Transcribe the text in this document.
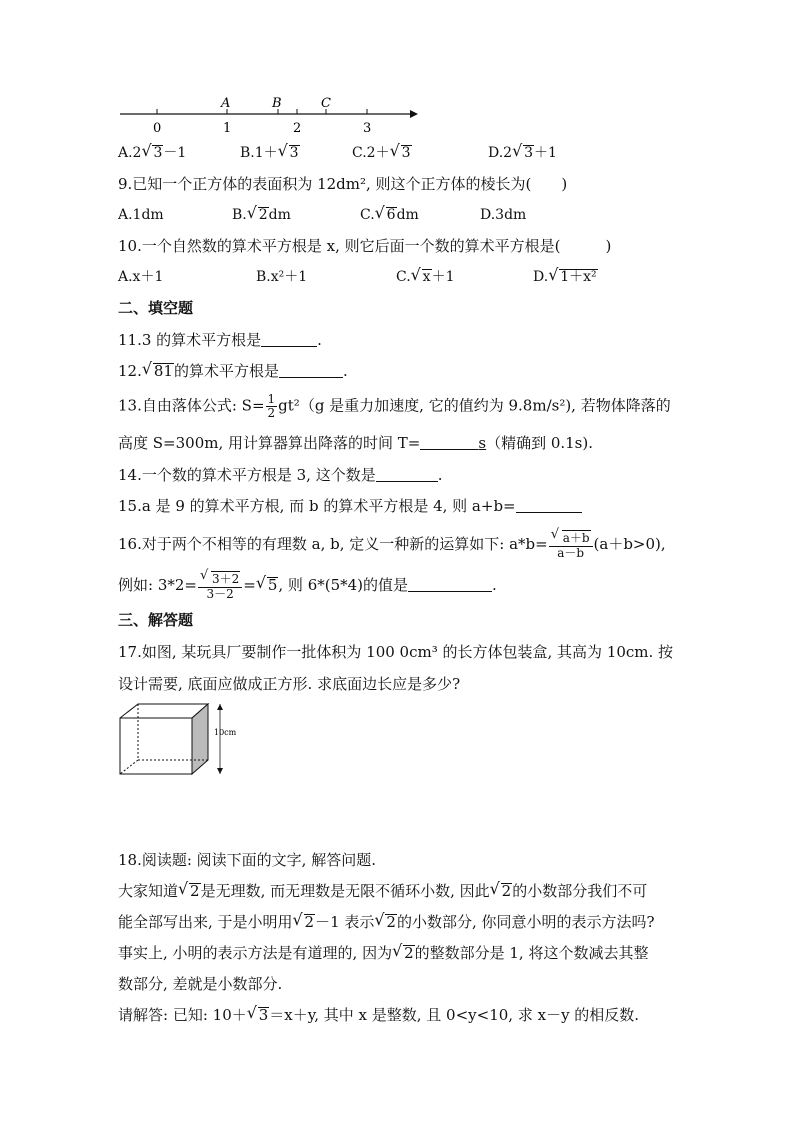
0	1	2	3
A	B	C
A.2 √ 3－1	B.1＋ √ 3	C.2＋ √ 3	D.2 √ 3＋1
9.已知一个正方体的表面积为 12dm², 则这个正方体的棱长为(　　)
A.1dm	B. √ 2dm	C. √ 6dm	D.3dm
10.一个自然数的算术平方根是 x, 则它后面一个数的算术平方根是(　　　)
A.x＋1	B.x²＋1	C. √ x＋1	D. √ 1＋x²
二、填空题
11.3 的算术平方根是	.
12. √ 81的算术平方根是	.
13.自由落体公式: $S= \frac{1}{2} gt^2(g$ 是重力加速度, 它的值约为 9.8m/s²), 若物体降落的
高度 S=300m, 用计算器算出降落的时间 T=	s（精确到 0.1s).
14.一个数的算术平方根是 3, 这个数是	.
15.a 是 9 的算术平方根, 而 b 的算术平方根是 4, 则 a+b=
16.对于两个不相等的有理数 a, b, 定义一种新的运算如下: $a*b= \frac{√ a+b}{a-b} (a+b>0)$,
例如: $3*2= \frac{√ 3+2}{3-2}$ = √ 5, 则 6*(5*4)的值是	.
三、解答题
17.如图, 某玩具厂要制作一批体积为 100 0cm³ 的长方体包装盒, 其高为 10cm. 按
设计需要, 底面应做成正方形. 求底面边长应是多少?
10cm
18.阅读题: 阅读下面的文字, 解答问题.
大家知道 √ 2是无理数, 而无理数是无限不循环小数, 因此 √ 2的小数部分我们不可
能全部写出来, 于是小明用 √ 2－1 表示 √ 2的小数部分, 你同意小明的表示方法吗?
事实上, 小明的表示方法是有道理的, 因为 √ 2的整数部分是 1, 将这个数减去其整
数部分, 差就是小数部分.
请解答: 已知: 10＋ √ 3＝x＋y, 其中 x 是整数, 且 0<y<10, 求 x－y 的相反数.
